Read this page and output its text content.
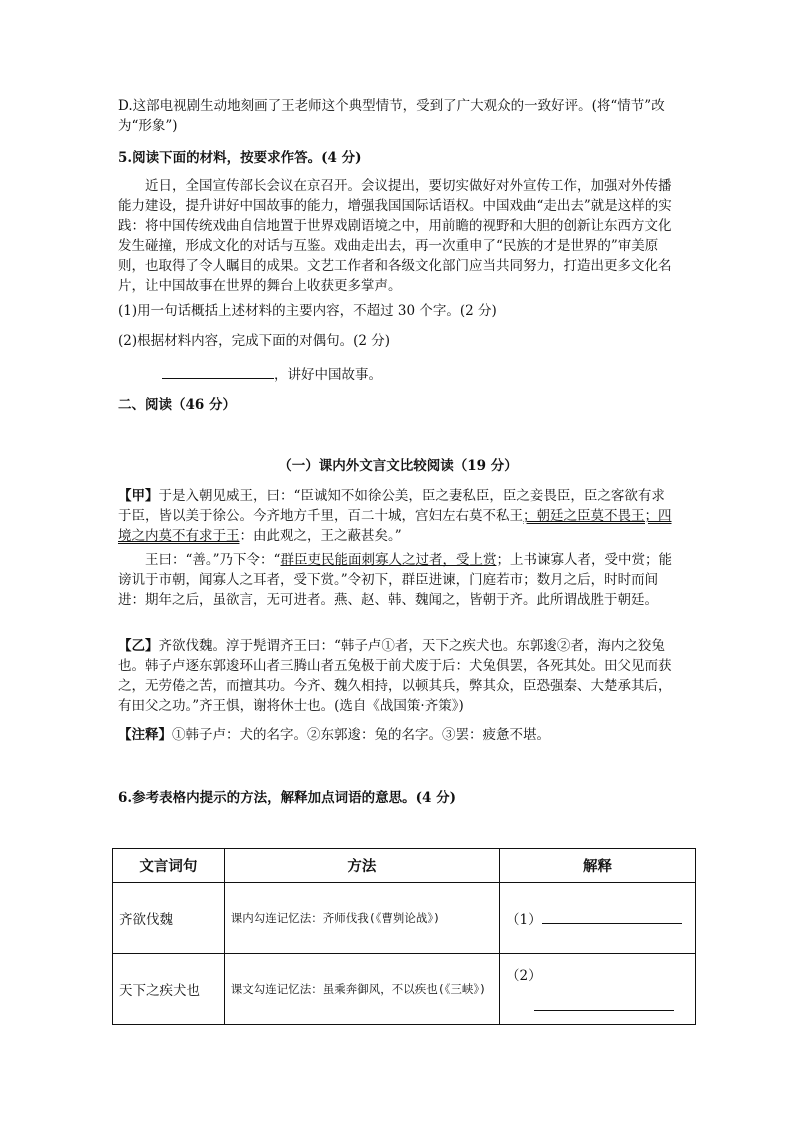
D.这部电视剧生动地刻画了王老师这个典型情节，受到了广大观众的一致好评。(将“情节”改为“形象”)
5.阅读下面的材料，按要求作答。(4 分)
近日，全国宣传部长会议在京召开。会议提出，要切实做好对外宣传工作，加强对外传播能力建设，提升讲好中国故事的能力，增强我国国际话语权。中国戏曲“走出去”就是这样的实践：将中国传统戏曲自信地置于世界戏剧语境之中，用前瞻的视野和大胆的创新让东西方文化发生碰撞，形成文化的对话与互鉴。戏曲走出去，再一次重申了“民族的才是世界的”审美原则，也取得了令人瞩目的成果。文艺工作者和各级文化部门应当共同努力，打造出更多文化名片，让中国故事在世界的舞台上收获更多掌声。
(1)用一句话概括上述材料的主要内容，不超过 30 个字。(2 分)
(2)根据材料内容，完成下面的对偶句。(2 分)
，讲好中国故事。
二、阅读（46 分）
（一）课内外文言文比较阅读（19 分）
【甲】于是入朝见威王，曰：“臣诚知不如徐公美，臣之妻私臣，臣之妾畏臣，臣之客欲有求于臣，皆以美于徐公。今齐地方千里，百二十城，宫妇左右莫不私王；朝廷之臣莫不畏王；四境之内莫不有求于王：由此观之，王之蔽甚矣。”
王曰：“善。”乃下令：“群臣吏民能面刺寡人之过者，受上赏；上书谏寡人者，受中赏；能谤讥于市朝，闻寡人之耳者，受下赏。”令初下，群臣进谏，门庭若市；数月之后，时时而间进：期年之后，虽欲言，无可进者。燕、赵、韩、魏闻之，皆朝于齐。此所谓战胜于朝廷。
【乙】齐欲伐魏。淳于髡谓齐王曰：“韩子卢①者，天下之疾犬也。东郭逡②者，海内之狡兔也。韩子卢逐东郭逡环山者三腾山者五兔极于前犬废于后：犬兔俱罢，各死其处。田父见而获之，无劳倦之苦，而擅其功。今齐、魏久相持，以顿其兵，弊其众，臣恐强秦、大楚承其后，有田父之功。”齐王惧，谢将休士也。(选自《战国策·齐策》)
【注释】①韩子卢：犬的名字。②东郭逡：兔的名字。③罢：疲惫不堪。
6.参考表格内提示的方法，解释加点词语的意思。(4 分)
文言词句	方法	解释
齐欲伐魏	课内勾连记忆法：齐师伐我(《曹刿论战》)	（1）
天下之疾犬也	课文勾连记忆法：虽乘奔御风，不以疾也(《三峡》)	（2）
